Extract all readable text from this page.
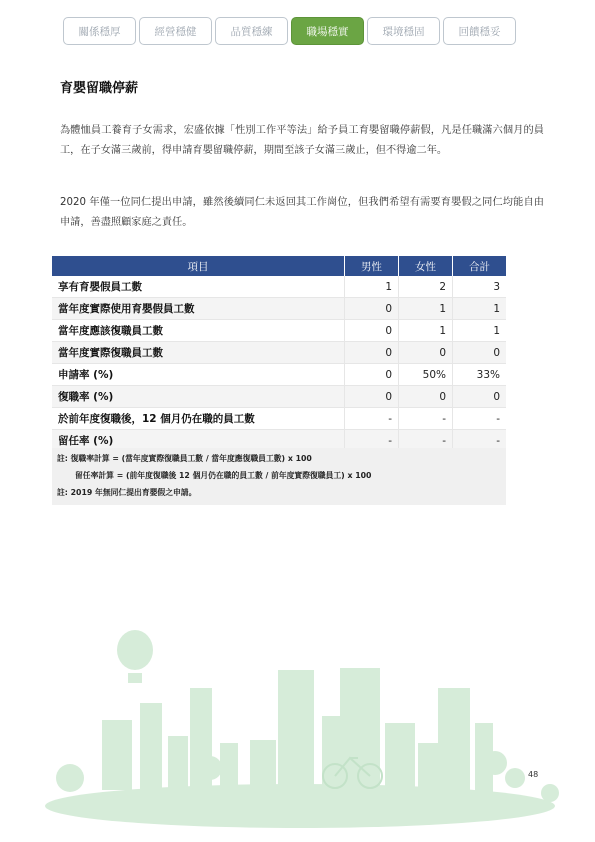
關係穩厚	經營穩健	品質穩練	職場穩實	環境穩固	回饋穩妥
育嬰留職停薪

為體恤員工養育子女需求，宏盛依據「性別工作平等法」給予員工育嬰留職停薪假，凡是任職滿六個月的員工，在子女滿三歲前，得申請育嬰留職停薪，期間至該子女滿三歲止，但不得逾二年。

2020 年僅一位同仁提出申請，雖然後續同仁未返回其工作崗位，但我們希望有需要育嬰假之同仁均能自由申請，善盡照顧家庭之責任。

項目	男性	女性	合計
享有育嬰假員工數	1	2	3
當年度實際使用育嬰假員工數	0	1	1
當年度應該復職員工數	0	1	1
當年度實際復職員工數	0	0	0
申請率 (%)	0	50%	33%
復職率 (%)	0	0	0
於前年度復職後，12 個月仍在職的員工數	-	-	-
留任率 (%)	-	-	-
註: 復職率計算 = (當年度實際復職員工數 / 當年度應復職員工數) x 100
留任率計算 = (前年度復職後 12 個月仍在職的員工數 / 前年度實際復職員工) x 100
註: 2019 年無同仁提出育嬰假之申請。
48
